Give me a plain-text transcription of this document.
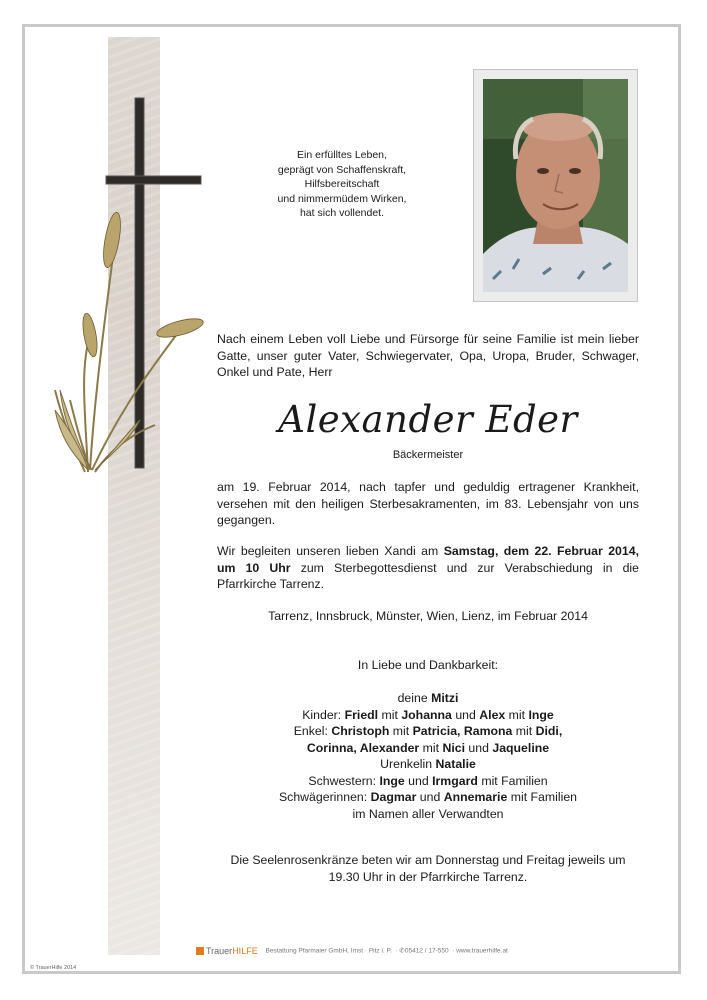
Ein erfülltes Leben,
geprägt von Schaffenskraft,
Hilfsbereitschaft
und nimmermüdem Wirken,
hat sich vollendet.
Nach einem Leben voll Liebe und Fürsorge für seine Familie ist mein lieber Gatte, unser guter Vater, Schwiegervater, Opa, Uropa, Bruder, Schwager, Onkel und Pate, Herr
Alexander Eder
Bäckermeister
am 19. Februar 2014, nach tapfer und geduldig ertragener Krankheit, versehen mit den heiligen Sterbesakramenten, im 83. Lebensjahr von uns gegangen.
Wir begleiten unseren lieben Xandi am Samstag, dem 22. Februar 2014, um 10 Uhr zum Sterbegottesdienst und zur Verabschiedung in die Pfarrkirche Tarrenz.
Tarrenz, Innsbruck, Münster, Wien, Lienz, im Februar 2014
In Liebe und Dankbarkeit:
deine Mitzi
Kinder: Friedl mit Johanna und Alex mit Inge
Enkel: Christoph mit Patricia, Ramona mit Didi,
Corinna, Alexander mit Nici und Jaqueline
Urenkelin Natalie
Schwestern: Inge und Irmgard mit Familien
Schwägerinnen: Dagmar und Annemarie mit Familien
im Namen aller Verwandten
Die Seelenrosenkränze beten wir am Donnerstag und Freitag jeweils um 19.30 Uhr in der Pfarrkirche Tarrenz.
TrauerHILFE Bestattung Pfarmaier GmbH, Imst · Pitz i. P.  · ✆05412 / 17-550  · www.trauerhilfe.at
© TrauerHilfe 2014
